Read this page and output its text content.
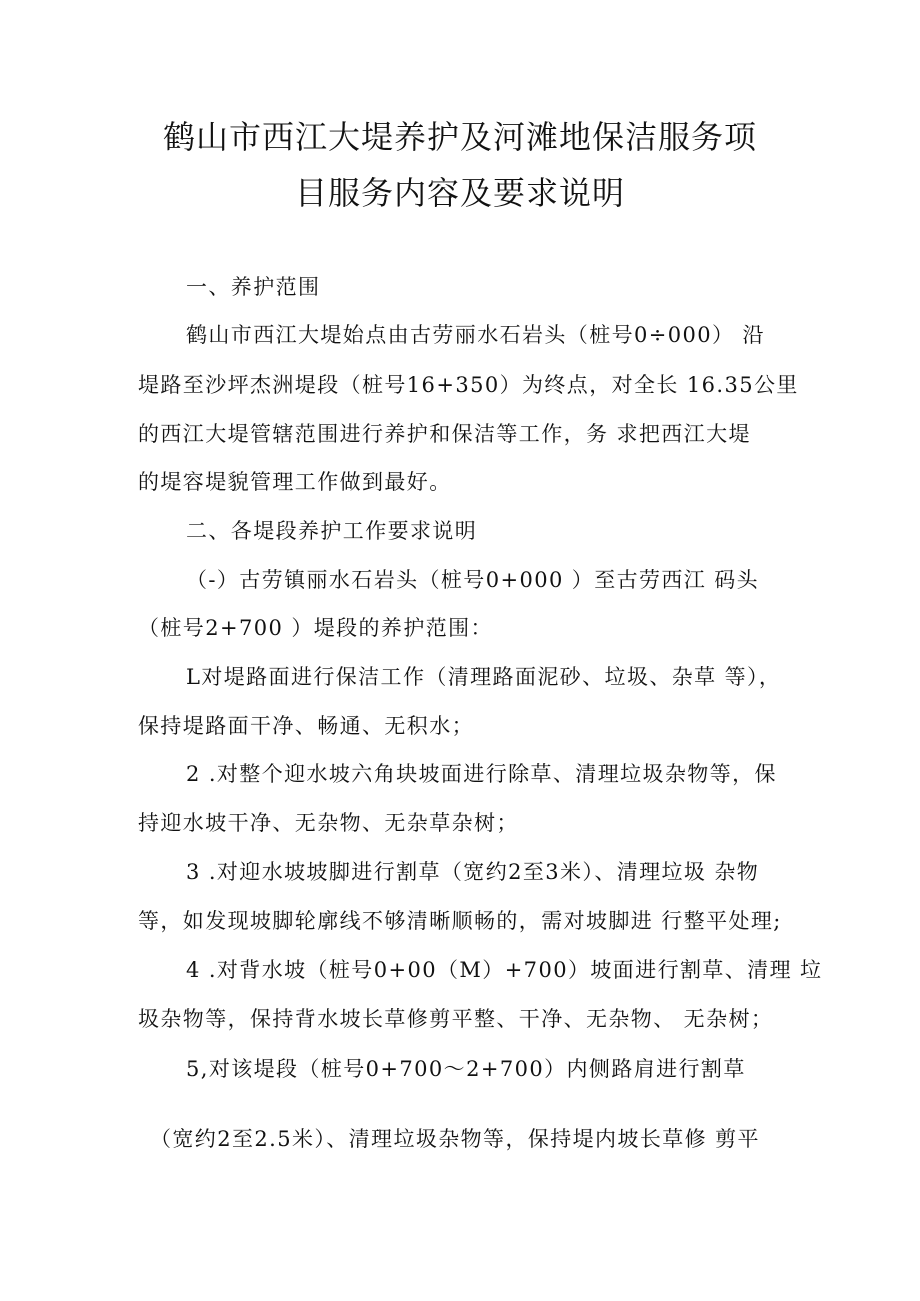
鹤山市西江大堤养护及河滩地保洁服务项
目服务内容及要求说明
一、养护范围
鹤山市西江大堤始点由古劳丽水石岩头（桩号0÷000） 沿
堤路至沙坪杰洲堤段（桩号16+350）为终点，对全长 16.35公里
的西江大堤管辖范围进行养护和保洁等工作，务 求把西江大堤
的堤容堤貌管理工作做到最好。
二、各堤段养护工作要求说明
（-）古劳镇丽水石岩头（桩号0+000 ）至古劳西江 码头
（桩号2+700 ）堤段的养护范围：
L对堤路面进行保洁工作（清理路面泥砂、垃圾、杂草 等），
保持堤路面干净、畅通、无积水；
2 .对整个迎水坡六角块坡面进行除草、清理垃圾杂物等，保
持迎水坡干净、无杂物、无杂草杂树；
3 .对迎水坡坡脚进行割草（宽约2至3米）、清理垃圾 杂物
等，如发现坡脚轮廓线不够清晰顺畅的，需对坡脚进 行整平处理;
4 .对背水坡（桩号0+00（M）+700）坡面进行割草、清理 垃
圾杂物等，保持背水坡长草修剪平整、干净、无杂物、 无杂树；
5,对该堤段（桩号0+700〜2+700）内侧路肩进行割草
（宽约2至2.5米）、清理垃圾杂物等，保持堤内坡长草修 剪平
